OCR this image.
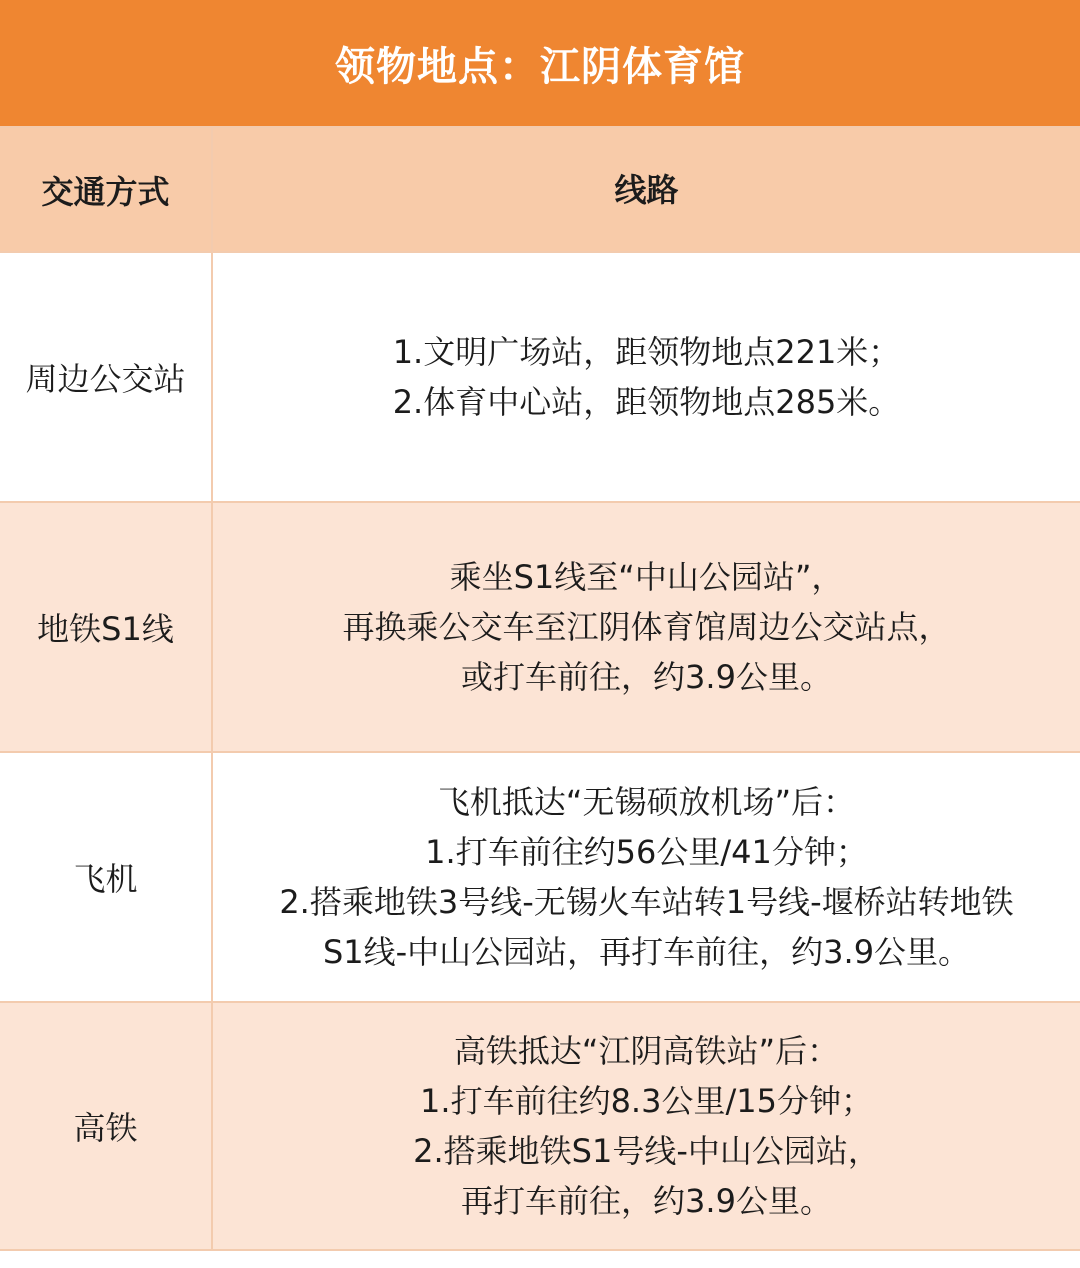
领物地点：江阴体育馆
交通方式	线路
周边公交站
1.文明广场站，距领物地点221米；
2.体育中心站，距领物地点285米。
地铁S1线
乘坐S1线至“中山公园站”，
再换乘公交车至江阴体育馆周边公交站点，
或打车前往，约3.9公里。
飞机
飞机抵达“无锡硕放机场”后：
1.打车前往约56公里/41分钟；
2.搭乘地铁3号线-无锡火车站转1号线-堰桥站转地铁
S1线-中山公园站，再打车前往，约3.9公里。
高铁
高铁抵达“江阴高铁站”后：
1.打车前往约8.3公里/15分钟；
2.搭乘地铁S1号线-中山公园站，
再打车前往，约3.9公里。
